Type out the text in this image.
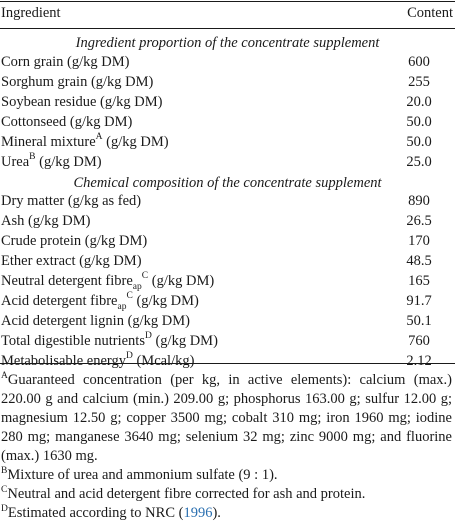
Ingredient	Content
Ingredient proportion of the concentrate supplement
Corn grain (g/kg DM)	600
Sorghum grain (g/kg DM)	255
Soybean residue (g/kg DM)	20.0
Cottonseed (g/kg DM)	50.0
Mineral mixture$^A$ (g/kg DM)	50.0
Urea$^B$ (g/kg DM)	25.0
Chemical composition of the concentrate supplement
Dry matter (g/kg as fed)	890
Ash (g/kg DM)	26.5
Crude protein (g/kg DM)	170
Ether extract (g/kg DM)	48.5
Neutral detergent fibre$_{ap}^C$ (g/kg DM)	165
Acid detergent fibre$_{ap}^C$ (g/kg DM)	91.7
Acid detergent lignin (g/kg DM)	50.1
Total digestible nutrients$^D$ (g/kg DM)	760
Metabolisable energy$^D$ (Mcal/kg)	2.12

$^A$Guaranteed concentration (per kg, in active elements): calcium (max.) 220.00 g and calcium (min.) 209.00 g; phosphorus 163.00 g; sulfur 12.00 g; magnesium 12.50 g; copper 3500 mg; cobalt 310 mg; iron 1960 mg; iodine 280 mg; manganese 3640 mg; selenium 32 mg; zinc 9000 mg; and fluorine (max.) 1630 mg.

$^B$Mixture of urea and ammonium sulfate (9 : 1).

$^C$Neutral and acid detergent fibre corrected for ash and protein.

$^D$Estimated according to NRC (1996).
